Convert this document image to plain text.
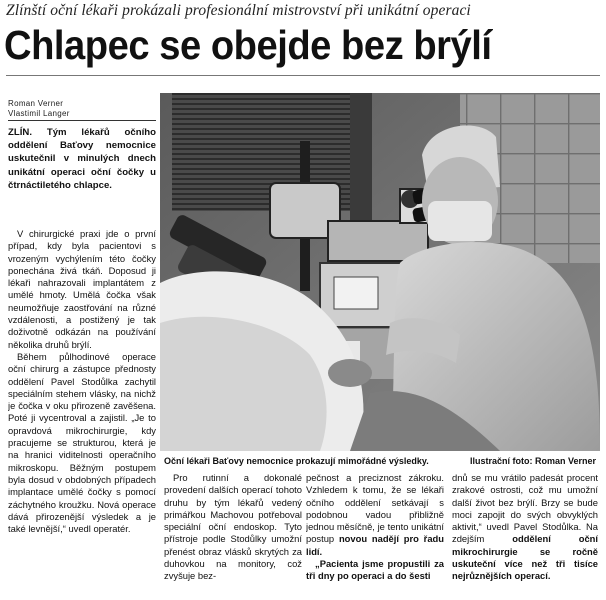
Zlínští oční lékaři prokázali profesionální mistrovství při unikátní operaci
Chlapec se obejde bez brýlí
Roman Verner
Vlastimil Langer
ZLÍN. Tým lékařů očního oddělení Baťovy nemocnice uskutečnil v minulých dnech unikátní operaci oční čočky u čtrnáctiletého chlapce.

V chirurgické praxi jde o první případ, kdy byla pacientovi s vrozeným vychýlením této čočky ponechána živá tkáň. Doposud ji lékaři nahrazovali implantátem z umělé hmoty. Umělá čočka však neumožňuje zaostřování na různé vzdálenosti, a postižený je tak doživotně odkázán na používání několika druhů brýlí.

Během půlhodinové operace oční chirurg a zástupce přednosty oddělení Pavel Stodůlka zachytil speciálním stehem vlásky, na nichž je čočka v oku přirozeně zavěšena. Poté ji vycentroval a zajistil. „Je to opravdová mikrochirurgie, kdy pracujeme se strukturou, která je na hranici viditelnosti operačního mikroskopu. Běžným postupem byla dosud v obdobných případech implantace umělé čočky s pomocí záchytného kroužku. Nová operace dává přirozenější výsledek a je také levnější,“ uvedl operatér.

Oční lékaři Baťovy nemocnice prokazují mimořádné výsledky.	Ilustrační foto: Roman Verner

Pro rutinní a dokonalé provedení dalších operací tohoto druhu by tým lékařů vedený primářkou Machovou potřeboval speciální oční endoskop. Tyto přístroje podle Stodůlky umožní přenést obraz vlásků skrytých za duhovkou na monitory, což zvyšuje bez-

pečnost a preciznost zákroku. Vzhledem k tomu, že se lékaři očního oddělení setkávají s podobnou vadou přibližně jednou měsíčně, je tento unikátní postup novou nadějí pro řadu lidí.

„Pacienta jsme propustili za tři dny po operaci a do šesti

dnů se mu vrátilo padesát procent zrakové ostrosti, což mu umožní další život bez brýlí. Brzy se bude moci zapojit do svých obvyklých aktivit,“ uvedl Pavel Stodůlka. Na zdejším oddělení oční mikrochirurgie se ročně uskuteční více než tři tisíce nejrůznějších operací.
